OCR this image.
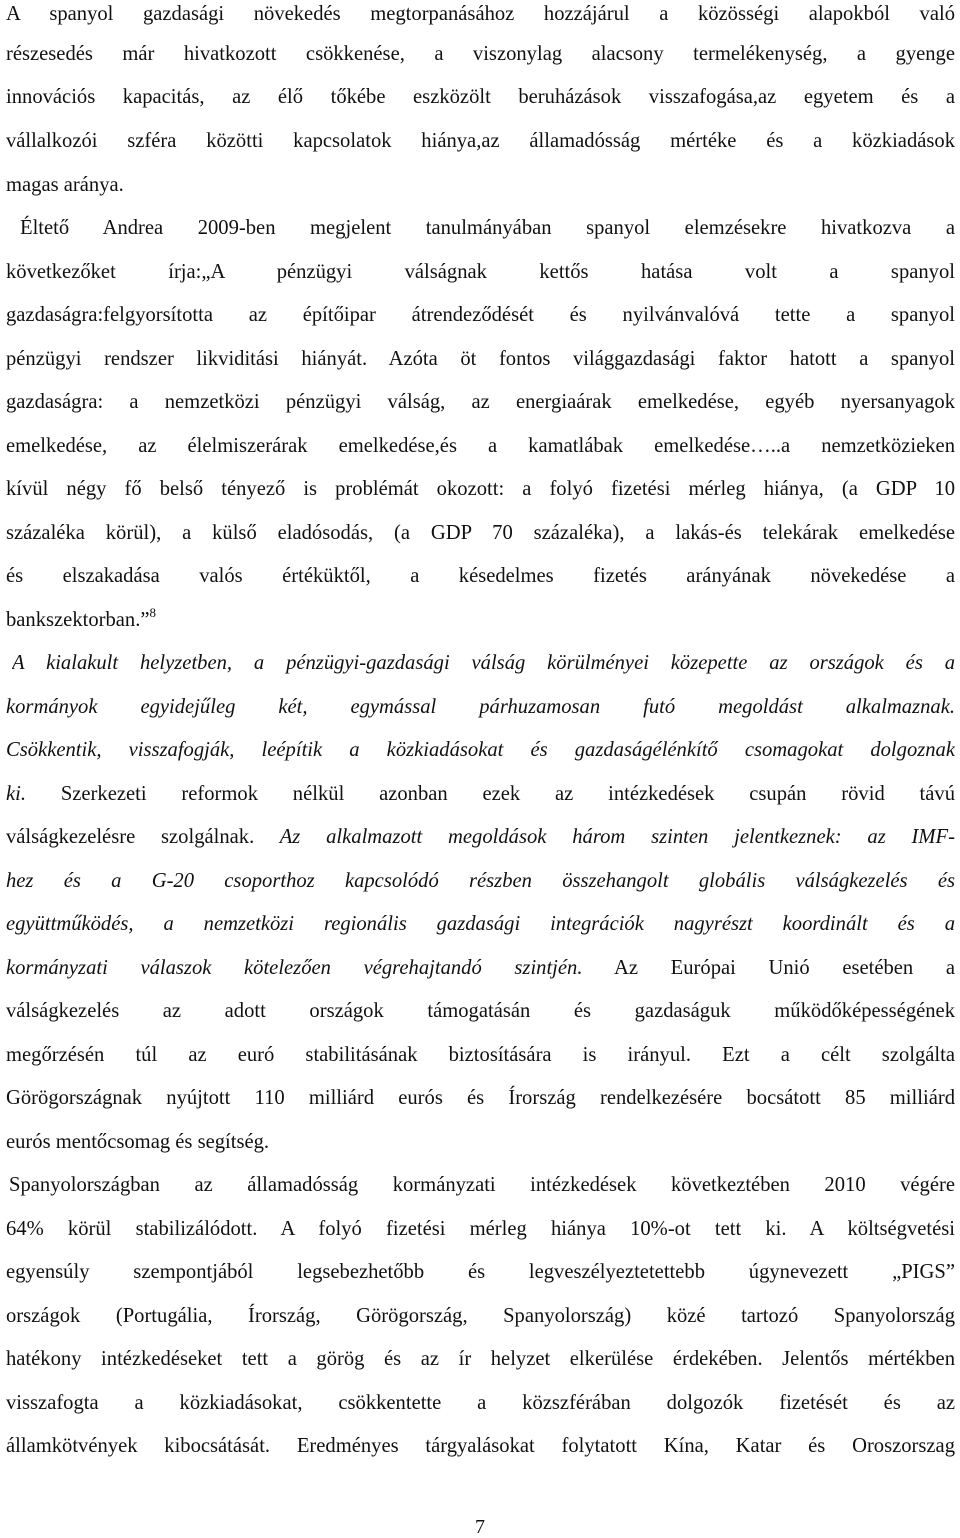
A spanyol gazdasági növekedés megtorpanásához hozzájárul a közösségi alapokból való
részesedés már hivatkozott csökkenése, a viszonylag alacsony termelékenység, a gyenge
innovációs kapacitás, az élő tőkébe eszközölt beruházások visszafogása,az egyetem és a
vállalkozói szféra közötti kapcsolatok hiánya,az államadósság mértéke és a közkiadások
magas aránya.
Éltető Andrea 2009-ben megjelent tanulmányában spanyol elemzésekre hivatkozva a
következőket írja:„A pénzügyi válságnak kettős hatása volt a spanyol
gazdaságra:felgyorsította az építőipar átrendeződését és nyilvánvalóvá tette a spanyol
pénzügyi rendszer likviditási hiányát. Azóta öt fontos világgazdasági faktor hatott a spanyol
gazdaságra: a nemzetközi pénzügyi válság, az energiaárak emelkedése, egyéb nyersanyagok
emelkedése, az élelmiszerárak emelkedése,és a kamatlábak emelkedése…..a nemzetközieken
kívül négy fő belső tényező is problémát okozott: a folyó fizetési mérleg hiánya, (a GDP 10
százaléka körül), a külső eladósodás, (a GDP 70 százaléka), a lakás-és telekárak emelkedése
és elszakadása valós értéküktől, a késedelmes fizetés arányának növekedése a
bankszektorban.”$^8$
A kialakult helyzetben, a pénzügyi-gazdasági válság körülményei közepette az országok és a
kormányok egyidejűleg két, egymással párhuzamosan futó megoldást alkalmaznak.
Csökkentik, visszafogják, leépítik a közkiadásokat és gazdaságélénkítő csomagokat dolgoznak
ki. Szerkezeti reformok nélkül azonban ezek az intézkedések csupán rövid távú
válságkezelésre szolgálnak. Az alkalmazott megoldások három szinten jelentkeznek: az IMF-
hez és a G-20 csoporthoz kapcsolódó részben összehangolt globális válságkezelés és
együttműködés, a nemzetközi regionális gazdasági integrációk nagyrészt koordinált és a
kormányzati válaszok kötelezően végrehajtandó szintjén. Az Európai Unió esetében a
válságkezelés az adott országok támogatásán és gazdaságuk működőképességének
megőrzésén túl az euró stabilitásának biztosítására is irányul. Ezt a célt szolgálta
Görögországnak nyújtott 110 milliárd eurós és Írország rendelkezésére bocsátott 85 milliárd
eurós mentőcsomag és segítség.
Spanyolországban az államadósság kormányzati intézkedések következtében 2010 végére
64% körül stabilizálódott. A folyó fizetési mérleg hiánya 10%-ot tett ki. A költségvetési
egyensúly szempontjából legsebezhetőbb és legveszélyeztetettebb úgynevezett „PIGS”
országok (Portugália, Írország, Görögország, Spanyolország) közé tartozó Spanyolország
hatékony intézkedéseket tett a görög és az ír helyzet elkerülése érdekében. Jelentős mértékben
visszafogta a közkiadásokat, csökkentette a közszférában dolgozók fizetését és az
államkötvények kibocsátását. Eredményes tárgyalásokat folytatott Kína, Katar és Oroszorszag
7
